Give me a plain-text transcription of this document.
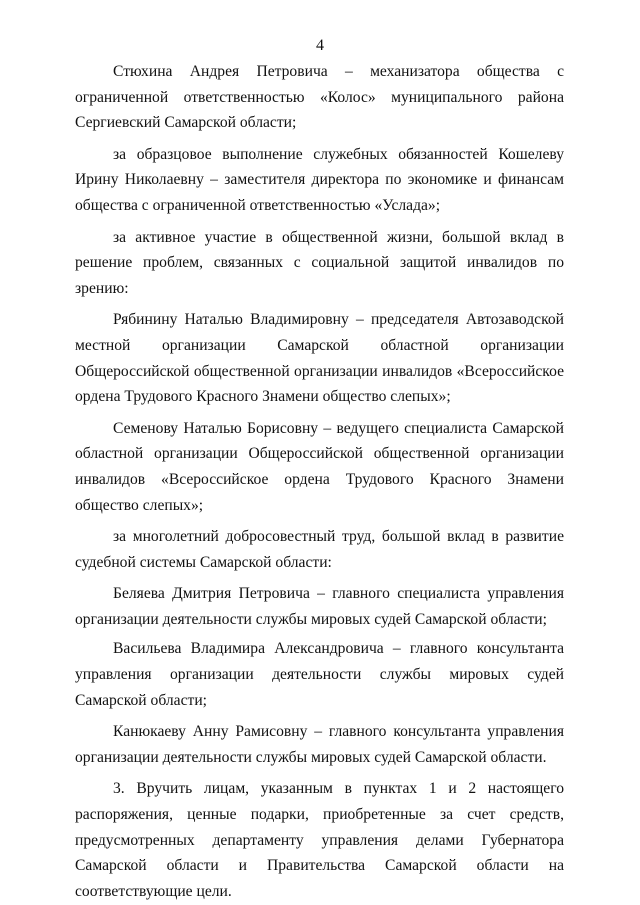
4

Стюхина Андрея Петровича – механизатора общества с ограниченной ответственностью «Колос» муниципального района Сергиевский Самарской области;

за образцовое выполнение служебных обязанностей Кошелеву Ирину Николаевну – заместителя директора по экономике и финансам общества с ограниченной ответственностью «Услада»;

за активное участие в общественной жизни, большой вклад в решение проблем, связанных с социальной защитой инвалидов по зрению:

Рябинину Наталью Владимировну – председателя Автозаводской местной организации Самарской областной организации Общероссийской общественной организации инвалидов «Всероссийское ордена Трудового Красного Знамени общество слепых»;

Семенову Наталью Борисовну – ведущего специалиста Самарской областной организации Общероссийской общественной организации инвалидов «Всероссийское ордена Трудового Красного Знамени общество слепых»;

за многолетний добросовестный труд, большой вклад в развитие судебной системы Самарской области:

Беляева Дмитрия Петровича – главного специалиста управления организации деятельности службы мировых судей Самарской области;

Васильева Владимира Александровича – главного консультанта управления организации деятельности службы мировых судей Самарской области;

Канюкаеву Анну Рамисовну – главного консультанта управления организации деятельности службы мировых судей Самарской области.

3. Вручить лицам, указанным в пунктах 1 и 2 настоящего распоряжения, ценные подарки, приобретенные за счет средств, предусмотренных департаменту управления делами Губернатора Самарской области и Правительства Самарской области на соответствующие цели.
